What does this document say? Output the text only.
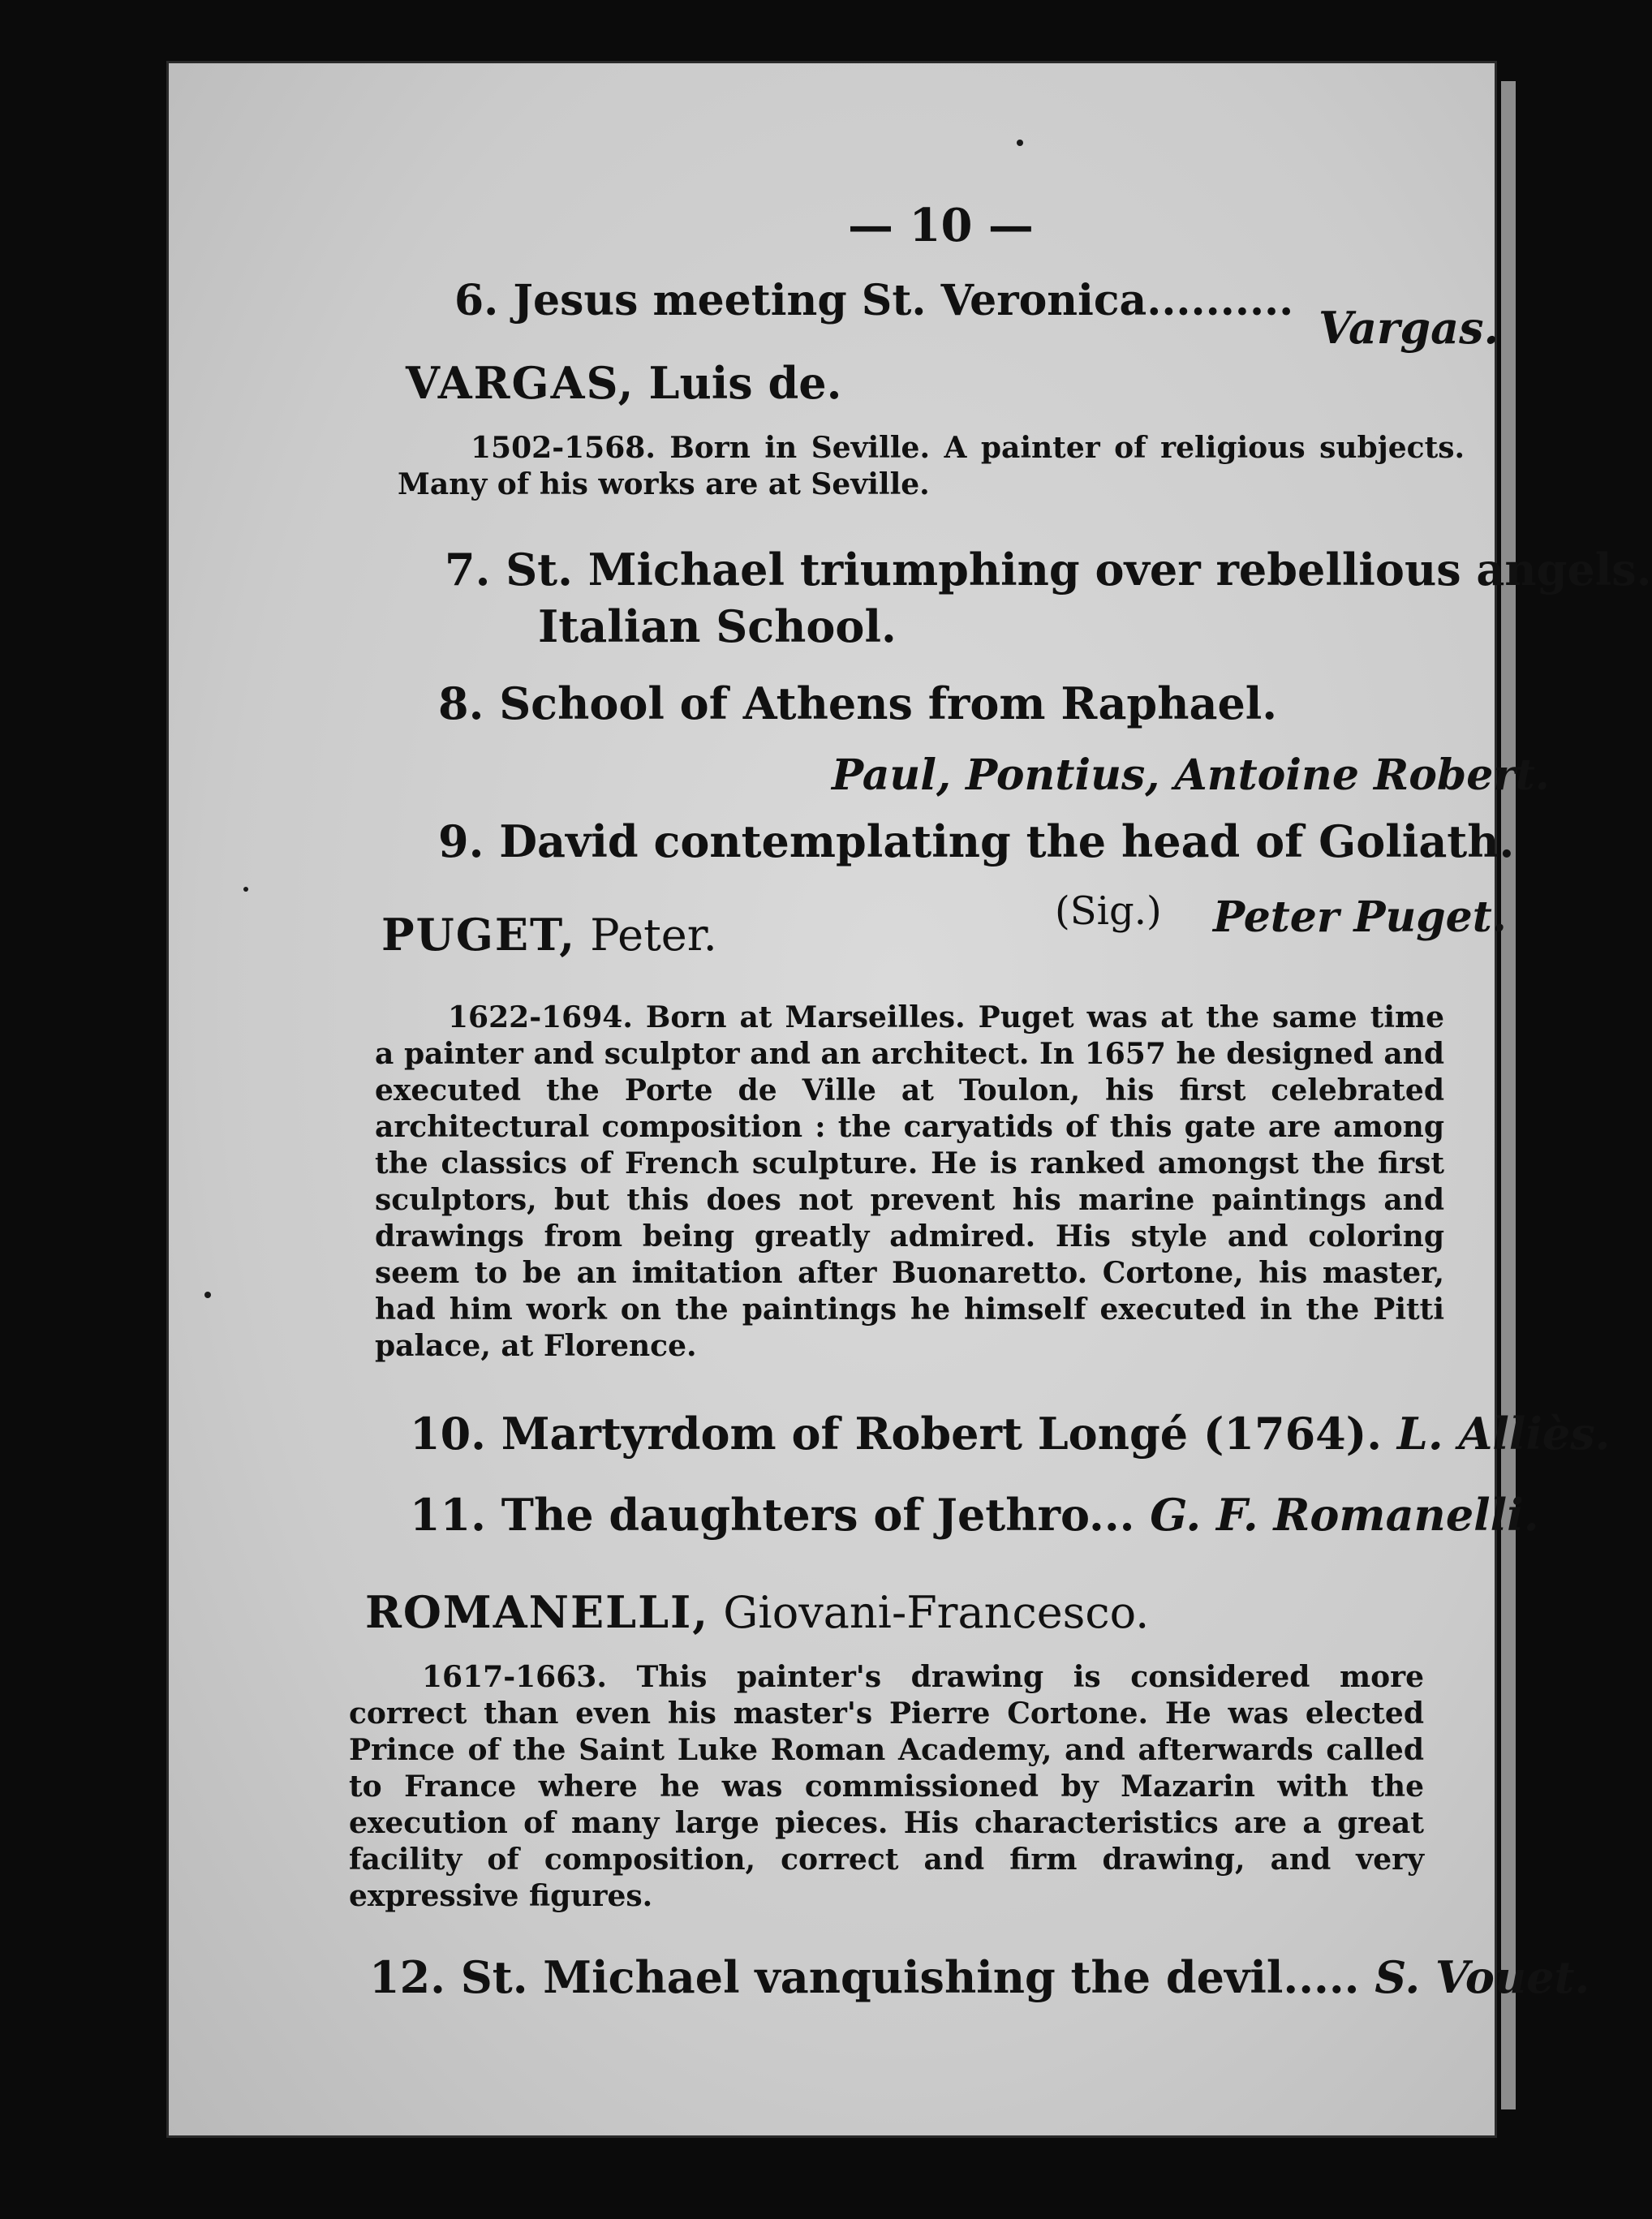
— 10 —
6. Jesus meeting St. Veronica..........
Vargas.
VARGAS, Luis de.
1502-1568. Born in Seville. A painter of religious subjects. Many of his works are at Seville.
7. St. Michael triumphing over rebellious angels.
Italian School.
8. School of Athens from Raphael.
Paul, Pontius, Antoine Robert.
9. David contemplating the head of Goliath.
(Sig.) Peter Puget.
PUGET, Peter.
1622-1694. Born at Marseilles. Puget was at the same time a painter and sculptor and an architect. In 1657 he designed and executed the Porte de Ville at Toulon, his first celebrated architectural composition : the caryatids of this gate are among the classics of French sculpture. He is ranked amongst the first sculptors, but this does not prevent his marine paintings and drawings from being greatly admired. His style and coloring seem to be an imitation after Buonaretto. Cortone, his master, had him work on the paintings he himself executed in the Pitti palace, at Florence.
10. Martyrdom of Robert Longé (1764). L. Alliès.
11. The daughters of Jethro... G. F. Romanelli.
ROMANELLI, Giovani-Francesco.
1617-1663. This painter's drawing is considered more correct than even his master's Pierre Cortone. He was elected Prince of the Saint Luke Roman Academy, and afterwards called to France where he was commissioned by Mazarin with the execution of many large pieces. His characteristics are a great facility of composition, correct and firm drawing, and very expressive figures.
12. St. Michael vanquishing the devil..... S. Vouet.
